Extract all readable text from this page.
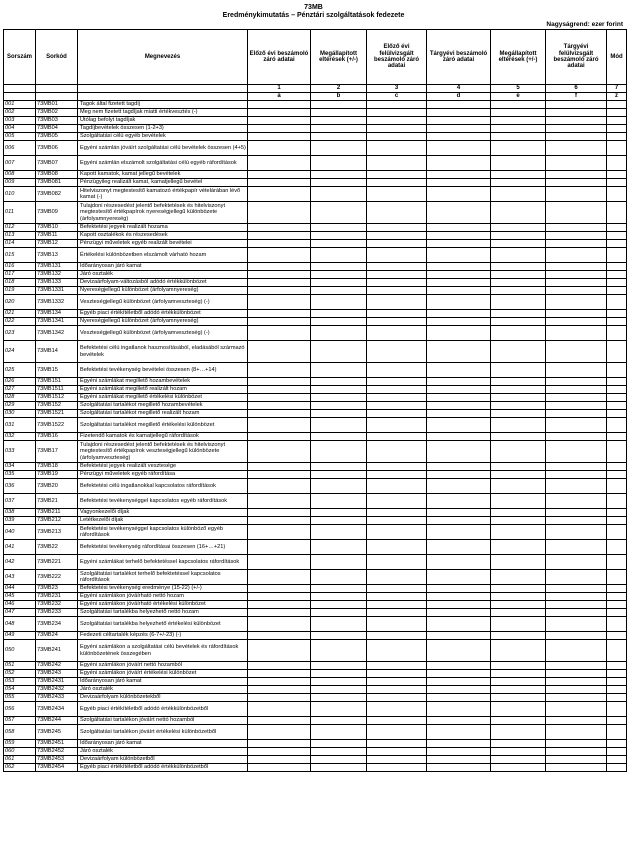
73MB
Eredménykimutatás – Pénztári szolgáltatások fedezete
Nagyságrend: ezer forint
Sorszám	Sorkód	Megnevezés	Előző évi beszámoló záró adatai	Megállapított eltérések (+/-)	Előző évi felülvizsgált beszámoló záró adatai	Tárgyévi beszámoló záró adatai	Megállapított eltérések (+/-)	Tárgyévi felülvizsgált beszámoló záró adatai	Mód
			1	2	3	4	5	6	7
			a	b	c	d	e	f	z
001	73MB01	Tagok által fizetett tagdíj							
002	73MB02	Meg nem fizetett tagdíjak miatti értékvesztés (-)							
003	73MB03	Utólag befolyt tagdíjak							
004	73MB04	Tagdíjbevételek összesen (1-2+3)							
005	73MB05	Szolgáltatási célú egyéb bevételek							
006	73MB06	Egyéni számlán jóváírt szolgáltatási célú bevételek összesen (4+5)							
007	73MB07	Egyéni számlán elszámolt szolgáltatási célú egyéb ráfordítások							
008	73MB08	Kapott kamatok, kamat jellegű bevételek							
009	73MB081	Pénzügyileg realizált kamat, kamatjellegű bevétel							
010	73MB082	Hitelviszonyt megtestesítő kamatozó értékpapír vételárában lévő kamat (-)							
011	73MB09	Tulajdoni részesedést jelentő befektetések és hitelviszonyt megtestesítő értékpapírok nyereségjellegű különbözete (árfolyamnyereség)							
012	73MB10	Befektetési jegyek realizált hozama							
013	73MB11	Kapott osztalékok és részesedések							
014	73MB12	Pénzügyi műveletek egyéb realizált bevételei							
015	73MB13	Értékelési különbözetben elszámolt várható hozam							
016	73MB131	Időarányosan járó kamat							
017	73MB132	Járó osztalék							
018	73MB133	Devizaárfolyam-változásból adódó értékkülönbözet							
019	73MB1331	Nyereségjellegű különbözet (árfolyamnyereség)							
020	73MB1332	Veszteségjellegű különbözet (árfolyamveszteség) (-)							
021	73MB134	Egyéb piaci értékítéletből adódó értékkülönbözet							
022	73MB1341	Nyereségjellegű különbözet (árfolyamnyereség)							
023	73MB1342	Veszteségjellegű különbözet (árfolyamveszteség) (-)							
024	73MB14	Befektetési célú ingatlanok hasznosításából, eladásából származó bevételek							
025	73MB15	Befektetési tevékenység bevételei összesen (8+…+14)							
026	73MB151	Egyéni számlákat megillető hozambevételek							
027	73MB1511	Egyéni számlákat megillető realizált hozam							
028	73MB1512	Egyéni számlákat megillető értékelési különbözet							
029	73MB152	Szolgáltatási tartalékot megillető hozambevételek							
030	73MB1521	Szolgáltatási tartalékot megillető realizált hozam							
031	73MB1522	Szolgáltatási tartalékot megillető értékelési különbözet							
032	73MB16	Fizetendő kamatok és kamatjellegű ráfordítások							
033	73MB17	Tulajdoni részesedést jelentő befektetések és hitelviszonyt megtestesítő értékpapírok veszteségjellegű különbözete (árfolyamveszteség)							
034	73MB18	Befektetési jegyek realizált vesztesége							
035	73MB19	Pénzügyi műveletek egyéb ráfordítása							
036	73MB20	Befektetési célú ingatlanokkal kapcsolatos ráfordítások							
037	73MB21	Befektetési tevékenységgel kapcsolatos egyéb ráfordítások							
038	73MB211	Vagyonkezelői díjak							
039	73MB212	Letétkezelői díjak							
040	73MB213	Befektetési tevékenységgel kapcsolatos különböző egyéb ráfordítások							
041	73MB22	Befektetési tevékenység ráfordításai összesen (16+…+21)							
042	73MB221	Egyéni számlákat terhelő befektetéssel kapcsolatos ráfordítások							
043	73MB222	Szolgáltatási tartalékot terhelő befektetéssel kapcsolatos ráfordítások							
044	73MB23	Befektetési tevékenység eredménye (15-22) (+/-)							
045	73MB231	Egyéni számlákon jóváírható nettó hozam							
046	73MB232	Egyéni számlákon jóváírható értékelési különbözet							
047	73MB233	Szolgáltatási tartalékba helyezhető nettó hozam							
048	73MB234	Szolgáltatási tartalékba helyezhető értékelési különbözet							
049	73MB24	Fedezeti céltartalék képzés (6-7+/-23) (-)							
050	73MB241	Egyéni számlákon a szolgáltatási célú bevételek és ráfordítások különbözetének összegében							
051	73MB242	Egyéni számlákon jóváírt nettó hozamból							
052	73MB243	Egyéni számlákon jóváírt értékelési különbözet							
053	73MB2431	Időarányosan járó kamat							
054	73MB2432	Járó osztalék							
055	73MB2433	Devizaárfolyam különbözetekből							
056	73MB2434	Egyéb piaci értékítéletből adódó értékkülönbözetből							
057	73MB244	Szolgáltatási tartalékon jóváírt nettó hozamból							
058	73MB245	Szolgáltatási tartalékon jóváírt értékelési különbözetből							
059	73MB2451	Időarányosan járó kamat							
060	73MB2452	Járó osztalék							
061	73MB2453	Devizaárfolyam különbözetből							
062	73MB2454	Egyéb piaci értékítéletből adódó értékkülönbözetből							
